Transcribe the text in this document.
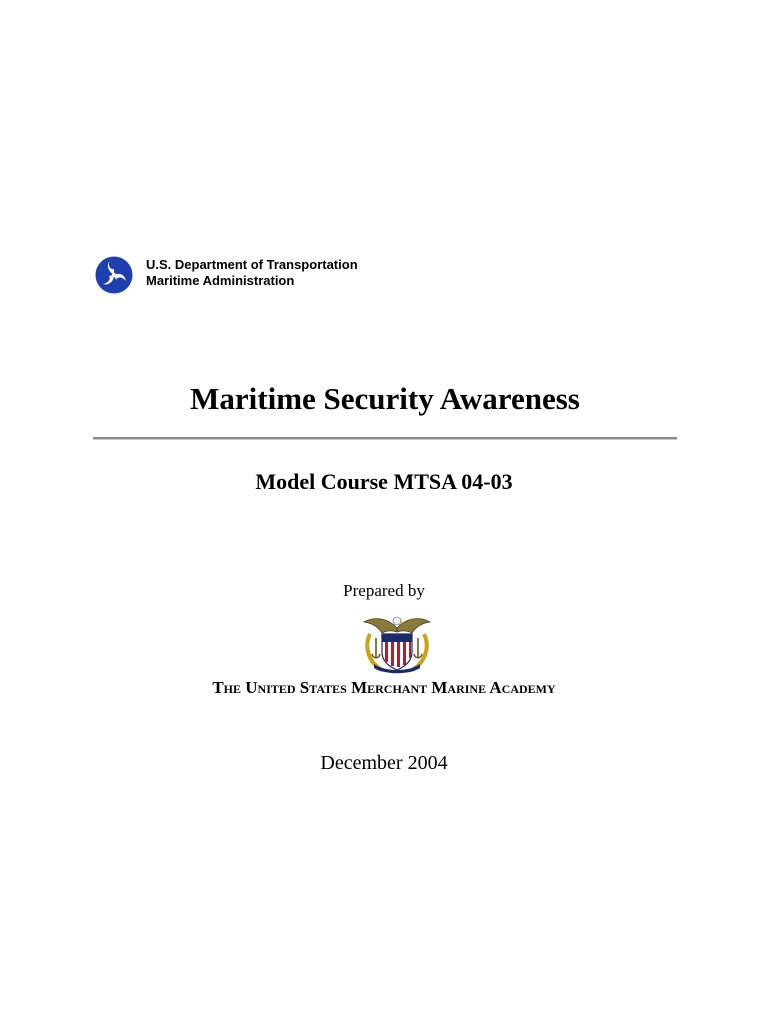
U.S. Department of Transportation
Maritime Administration
Maritime Security Awareness
Model Course MTSA 04-03
Prepared by
The United States Merchant Marine Academy
December 2004
